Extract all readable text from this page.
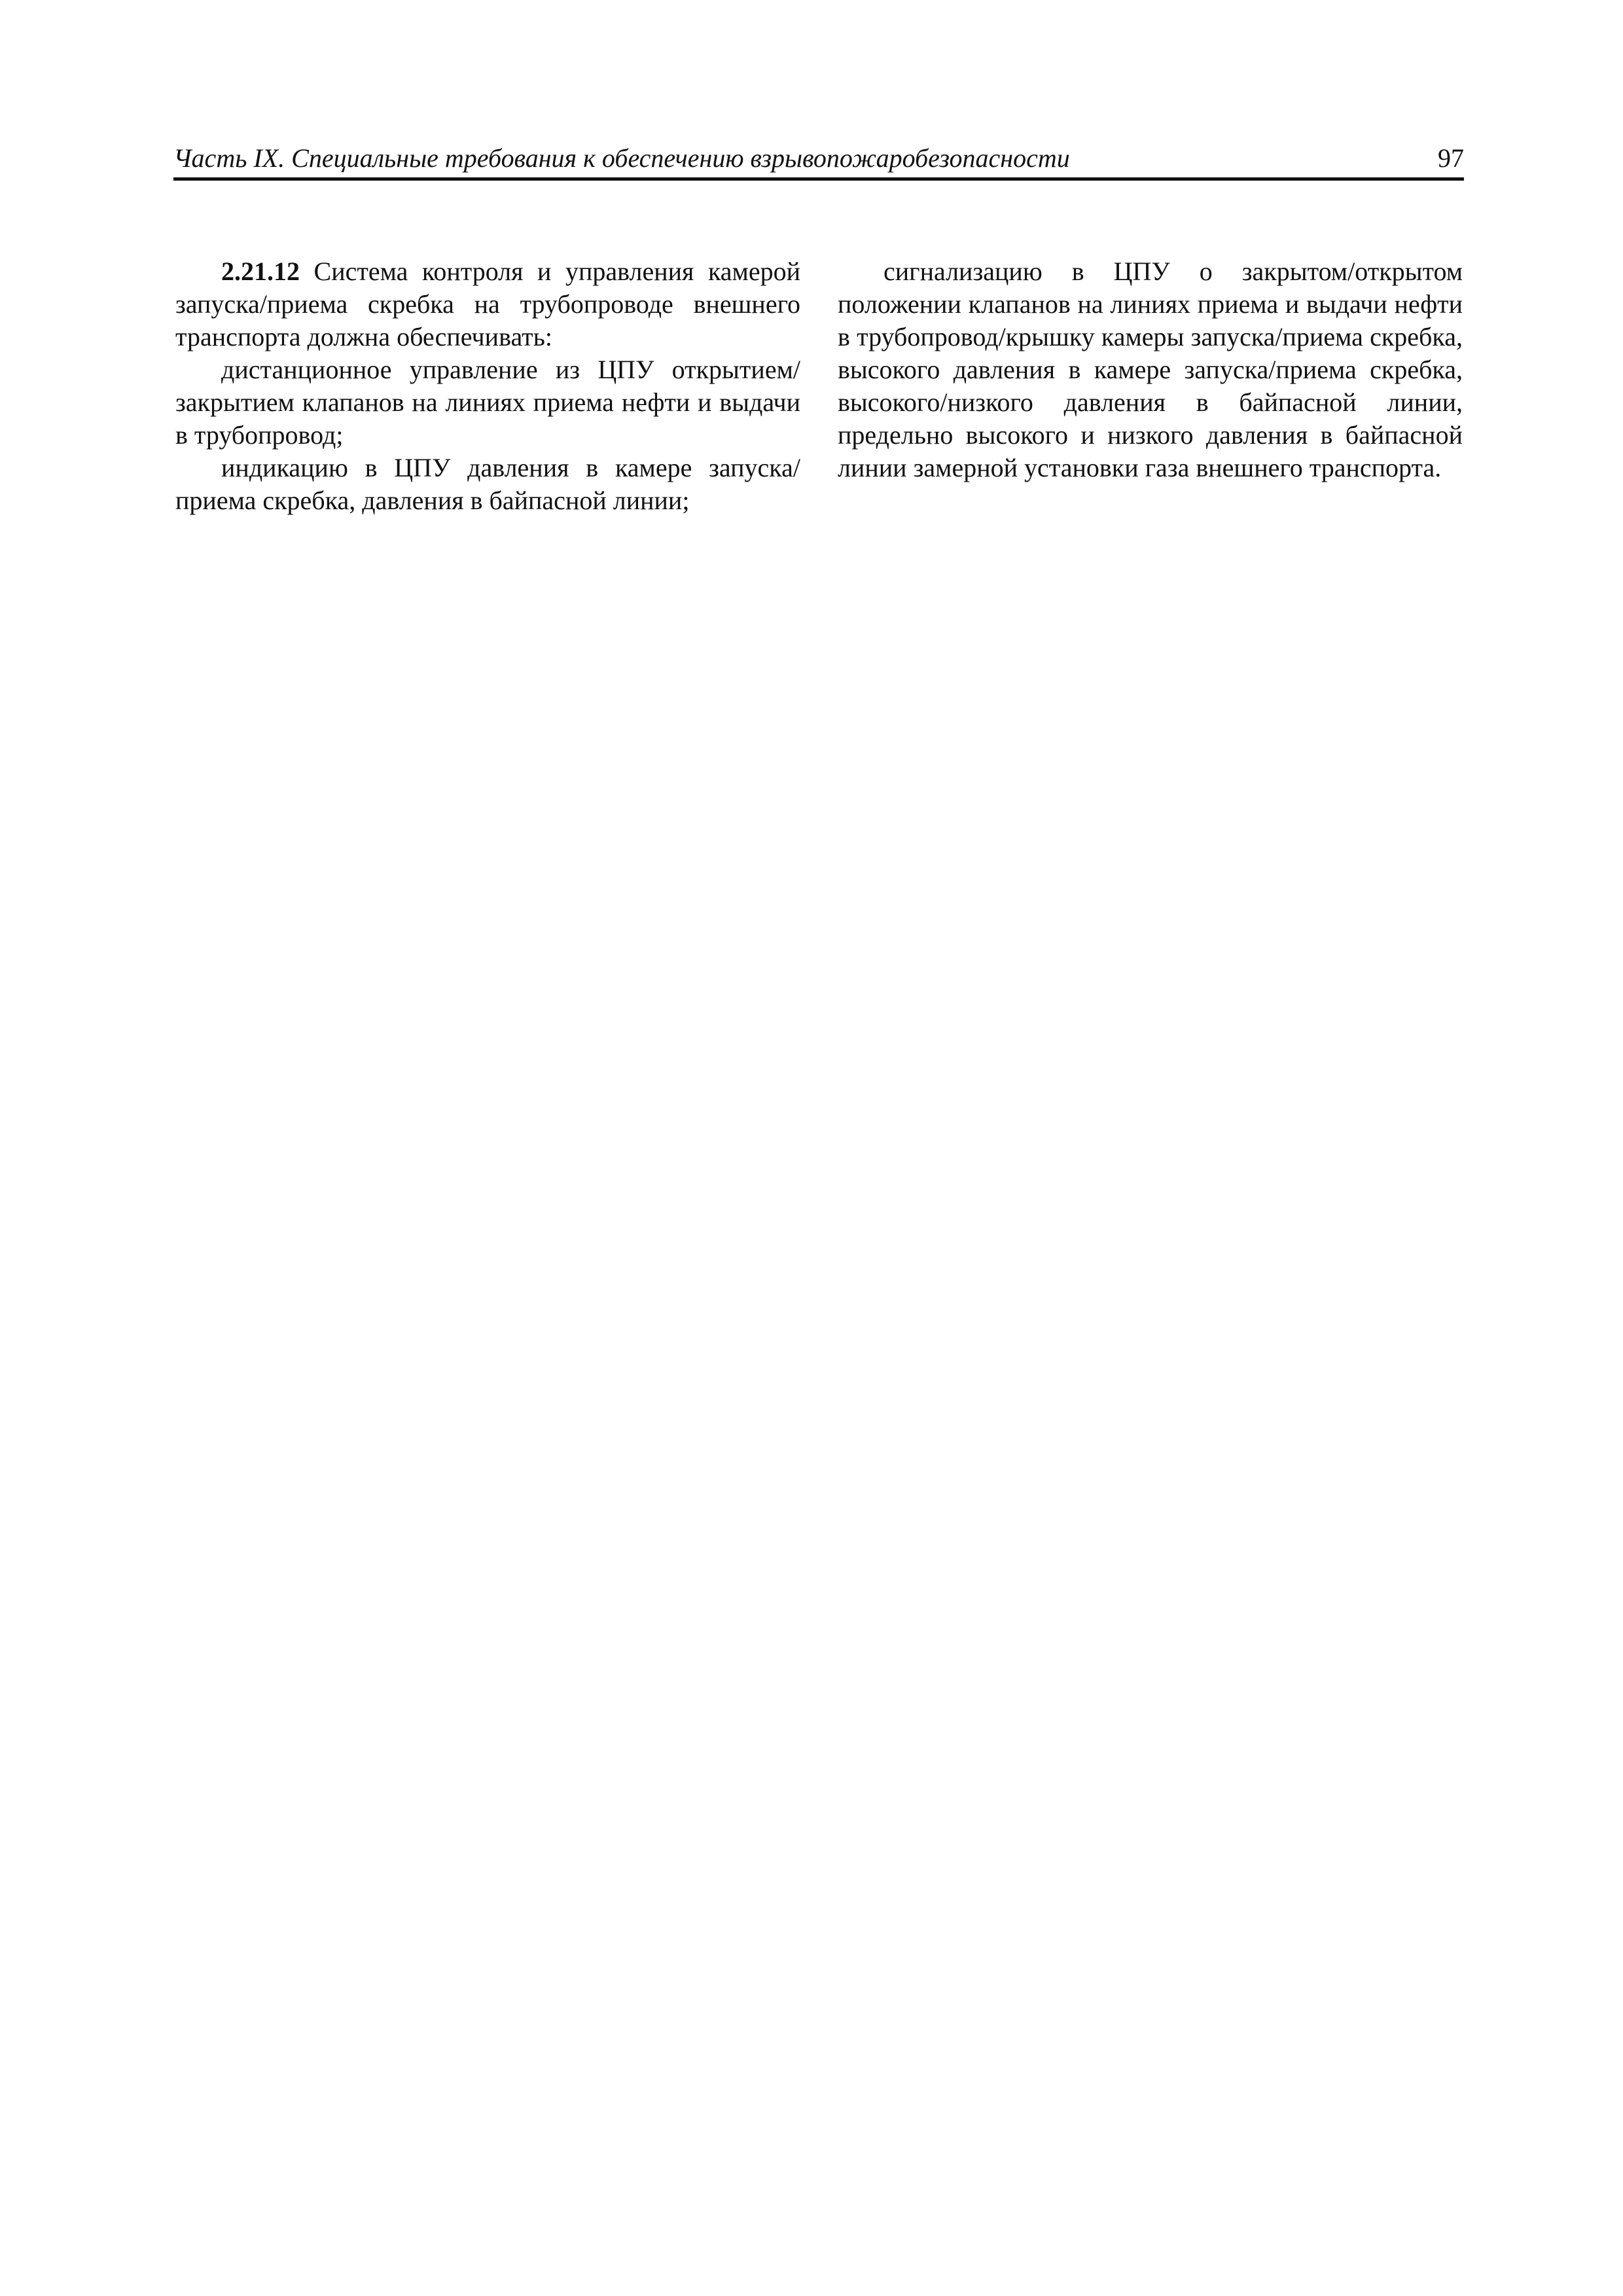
Часть IX. Специальные требования к обеспечению взрывопожаробезопасности	97

2.21.12 Система контроля и управления камерой запуска/приема скребка на трубопроводе внешнего транспорта должна обеспечивать:

дистанционное управление из ЦПУ открытием/ закрытием клапанов на линиях приема нефти и выдачи в трубопровод;

индикацию в ЦПУ давления в камере запуска/ приема скребка, давления в байпасной линии;

сигнализацию в ЦПУ о закрытом/открытом положении клапанов на линиях приема и выдачи нефти в трубопровод/крышку камеры запуска/приема скребка, высокого давления в камере запуска/приема скребка, высокого/низкого давления в байпасной линии, предельно высокого и низкого давления в байпасной линии замерной установки газа внешнего транспорта.
